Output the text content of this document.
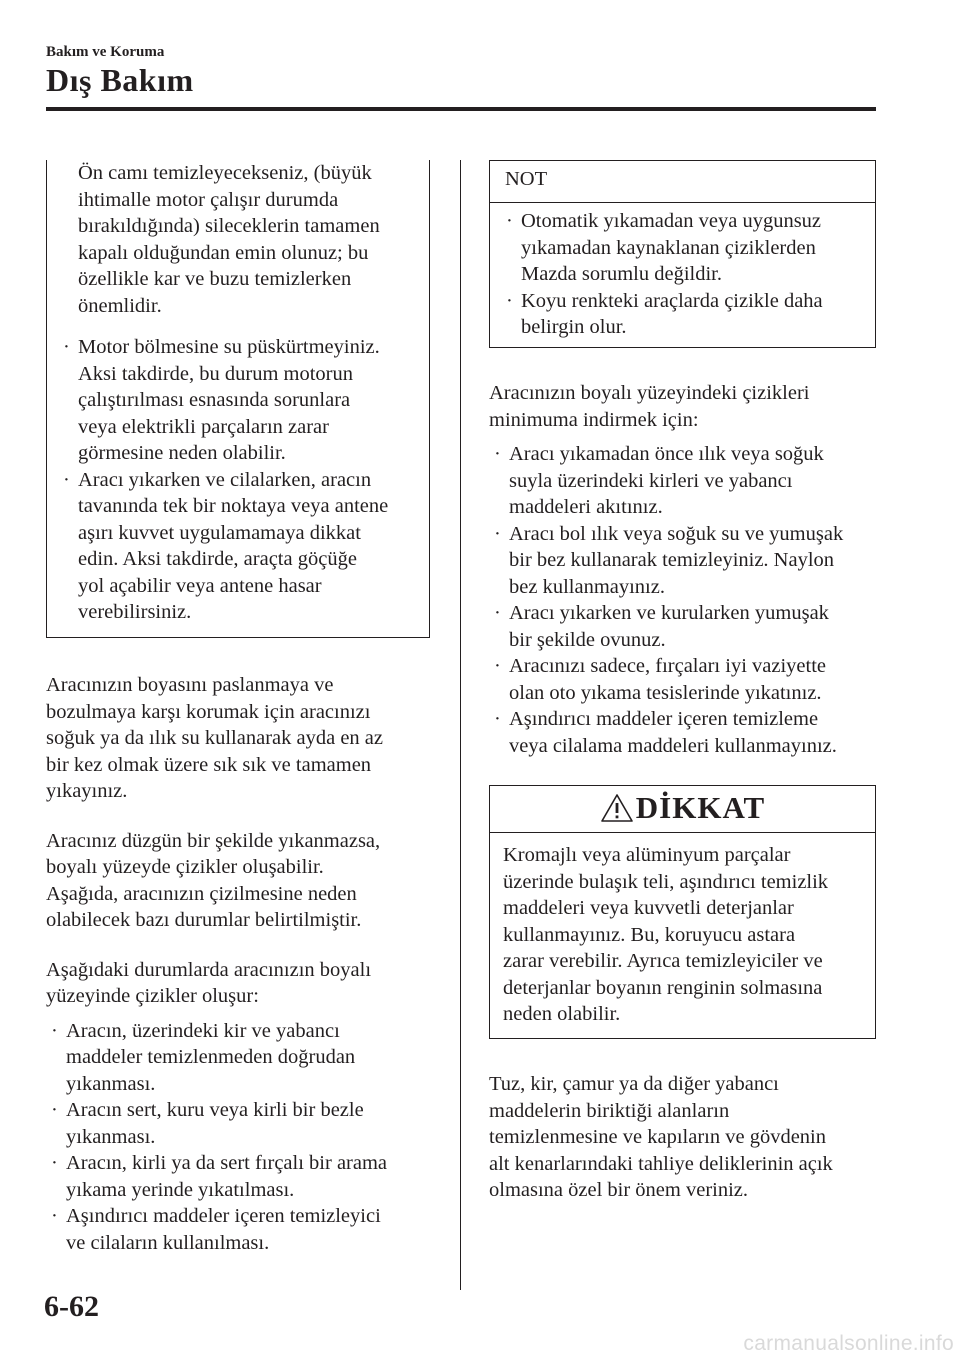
Bakım ve Koruma
Dış Bakım
Ön camı temizleyecekseniz, (büyük
ihtimalle motor çalışır durumda
bırakıldığında) sileceklerin tamamen
kapalı olduğundan emin olunuz; bu
özellikle kar ve buzu temizlerken
önemlidir.
· Motor bölmesine su püskürtmeyiniz.
Aksi takdirde, bu durum motorun
çalıştırılması esnasında sorunlara
veya elektrikli parçaların zarar
görmesine neden olabilir.
· Aracı yıkarken ve cilalarken, aracın
tavanında tek bir noktaya veya antene
aşırı kuvvet uygulamamaya dikkat
edin. Aksi takdirde, araçta göçüğe
yol açabilir veya antene hasar
verebilirsiniz.

Aracınızın boyasını paslanmaya ve
bozulmaya karşı korumak için aracınızı
soğuk ya da ılık su kullanarak ayda en az
bir kez olmak üzere sık sık ve tamamen
yıkayınız.

Aracınız düzgün bir şekilde yıkanmazsa,
boyalı yüzeyde çizikler oluşabilir.
Aşağıda, aracınızın çizilmesine neden
olabilecek bazı durumlar belirtilmiştir.

Aşağıdaki durumlarda aracınızın boyalı
yüzeyinde çizikler oluşur:

· Aracın, üzerindeki kir ve yabancı
maddeler temizlenmeden doğrudan
yıkanması.
· Aracın sert, kuru veya kirli bir bezle
yıkanması.
· Aracın, kirli ya da sert fırçalı bir arama
yıkama yerinde yıkatılması.
· Aşındırıcı maddeler içeren temizleyici
ve cilaların kullanılması.
NOT
· Otomatik yıkamadan veya uygunsuz
yıkamadan kaynaklanan çiziklerden
Mazda sorumlu değildir.
· Koyu renkteki araçlarda çizikle daha
belirgin olur.

Aracınızın boyalı yüzeyindeki çizikleri
minimuma indirmek için:

· Aracı yıkamadan önce ılık veya soğuk
suyla üzerindeki kirleri ve yabancı
maddeleri akıtınız.
· Aracı bol ılık veya soğuk su ve yumuşak
bir bez kullanarak temizleyiniz. Naylon
bez kullanmayınız.
· Aracı yıkarken ve kurularken yumuşak
bir şekilde ovunuz.
· Aracınızı sadece, fırçaları iyi vaziyette
olan oto yıkama tesislerinde yıkatınız.
· Aşındırıcı maddeler içeren temizleme
veya cilalama maddeleri kullanmayınız.
DİKKAT
Kromajlı veya alüminyum parçalar
üzerinde bulaşık teli, aşındırıcı temizlik
maddeleri veya kuvvetli deterjanlar
kullanmayınız. Bu, koruyucu astara
zarar verebilir. Ayrıca temizleyiciler ve
deterjanlar boyanın renginin solmasına
neden olabilir.
Tuz, kir, çamur ya da diğer yabancı
maddelerin biriktiği alanların
temizlenmesine ve kapıların ve gövdenin
alt kenarlarındaki tahliye deliklerinin açık
olmasına özel bir önem veriniz.
6-62
carmanualsonline.info
